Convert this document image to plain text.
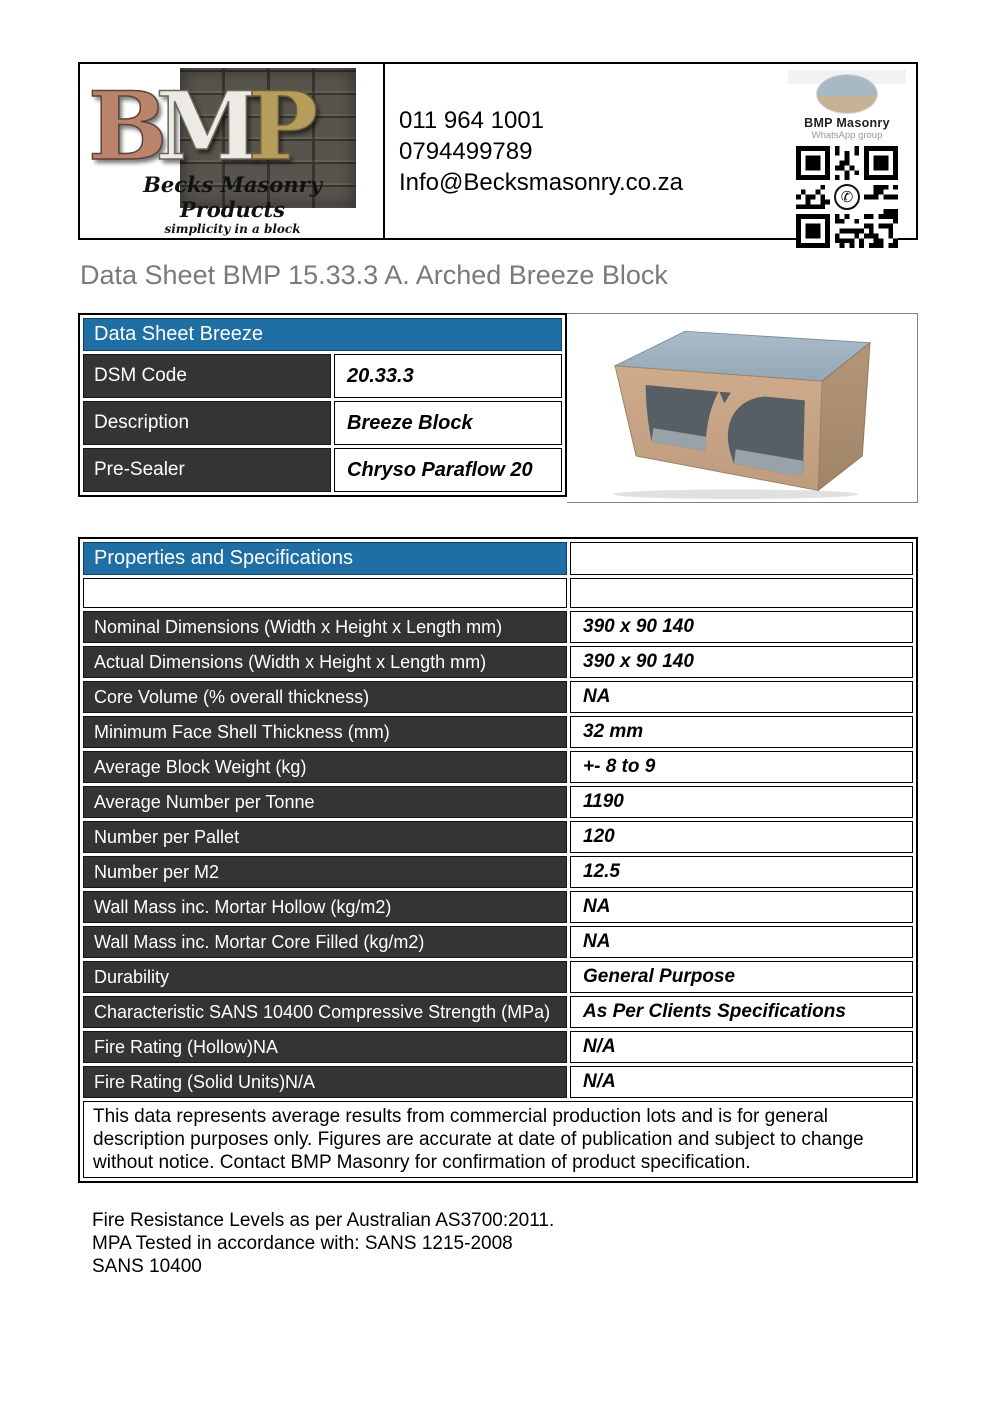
BMP
Becks Masonry Products
simplicity in a block
011 964 1001
0794499789
Info@Becksmasonry.co.za
BMP Masonry
WhatsApp group
✆
Data Sheet BMP 15.33.3 A. Arched Breeze Block
Data Sheet Breeze	
DSM Code	20.33.3
Description	Breeze Block
Pre-Sealer	Chryso Paraflow 20
Properties and Specifications	

Nominal Dimensions (Width x Height x Length mm)	390 x 90 140
Actual Dimensions (Width x Height x Length mm)	390 x 90 140
Core Volume (% overall thickness)	NA
Minimum Face Shell Thickness (mm)	32 mm
Average Block Weight (kg)	+- 8 to 9
Average Number per Tonne	1190
Number per Pallet	120
Number per M2	12.5
Wall Mass inc. Mortar Hollow (kg/m2)	NA
Wall Mass inc. Mortar Core Filled (kg/m2)	NA
Durability	General Purpose
Characteristic SANS 10400 Compressive Strength (MPa)	As Per Clients Specifications
Fire Rating (Hollow)NA	N/A
Fire Rating (Solid Units)N/A	N/A
This data represents average results from commercial production lots and is for general description purposes only. Figures are accurate at date of publication and subject to change without notice. Contact BMP Masonry for confirmation of product specification.	
Fire Resistance Levels as per Australian AS3700:2011.
MPA Tested in accordance with: SANS 1215-2008
SANS 10400
